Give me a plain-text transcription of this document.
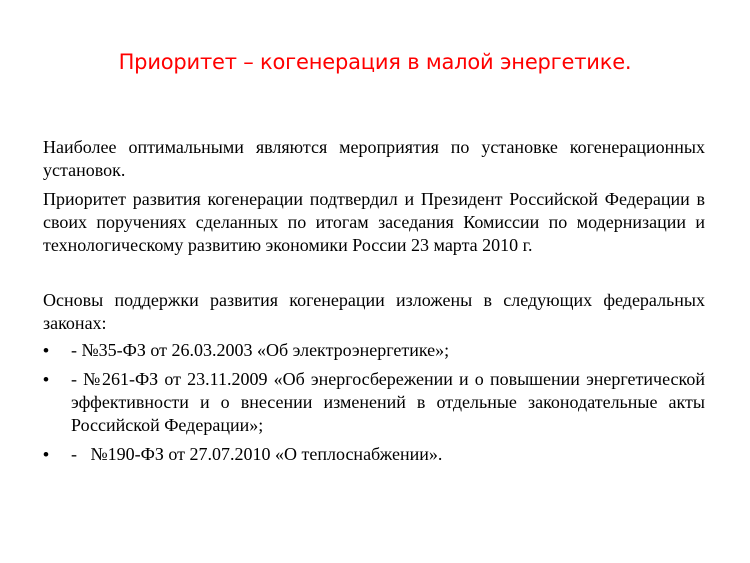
Приоритет – когенерация в малой энергетике.

Наиболее оптимальными являются мероприятия по установке когенерационных установок.

Приоритет развития когенерации подтвердил и Президент Российской Федерации в своих поручениях сделанных по итогам заседания Комиссии по модернизации и технологическому развитию экономики России 23 марта 2010 г.

Основы поддержки развития когенерации изложены в следующих федеральных законах:

•	- №35-ФЗ от 26.03.2003 «Об электроэнергетике»;
•	- №261-ФЗ от 23.11.2009 «Об энергосбережении и о повышении энергетической эффективности и о внесении изменений в отдельные законодательные акты Российской Федерации»;
•	-   №190-ФЗ от 27.07.2010 «О теплоснабжении».
